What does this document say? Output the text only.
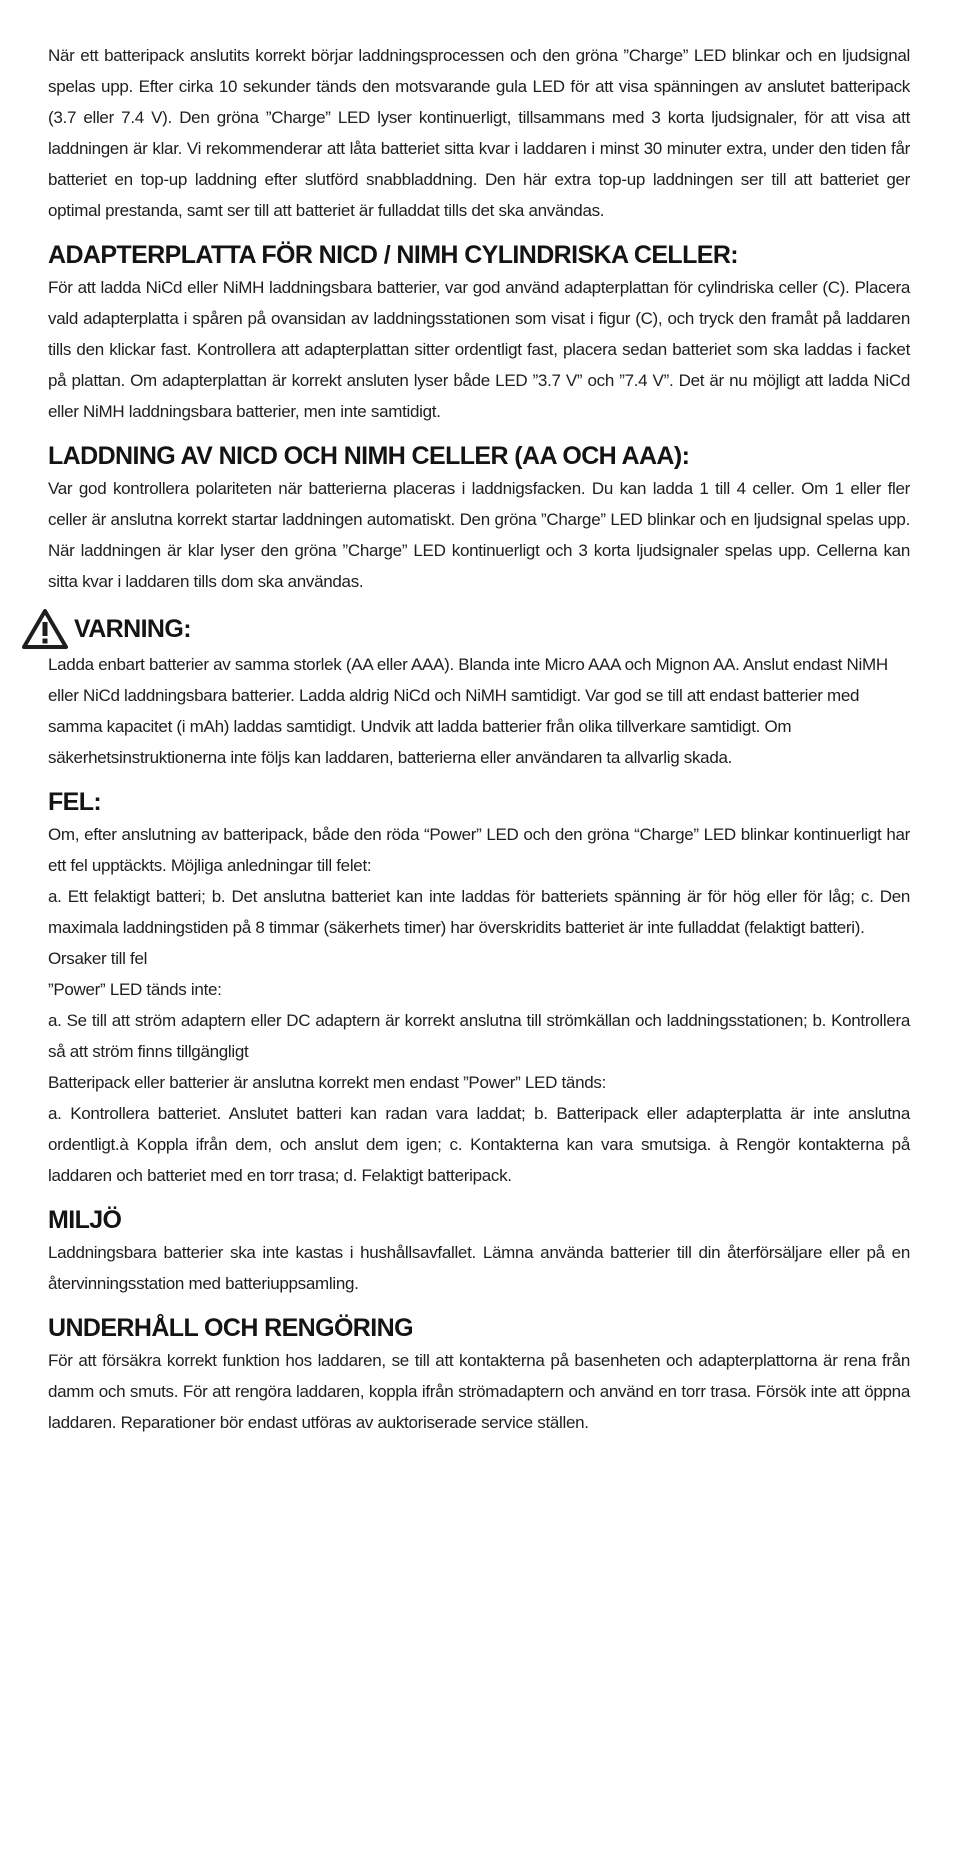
När ett batteripack anslutits korrekt börjar laddningsprocessen och den gröna ”Charge” LED blinkar och en ljudsignal spelas upp. Efter cirka 10 sekunder tänds den motsvarande gula LED för att visa spänningen av anslutet batteripack (3.7 eller 7.4 V). Den gröna ”Charge” LED lyser kontinuerligt, tillsammans med 3 korta ljudsignaler, för att visa att laddningen är klar. Vi rekommenderar att låta batteriet sitta kvar i laddaren i minst 30 minuter extra, under den tiden får batteriet en top-up laddning efter slutförd snabbladdning. Den här extra top-up laddningen ser till att batteriet ger optimal prestanda, samt ser till att batteriet är fulladdat tills det ska användas.

ADAPTERPLATTA FÖR NICD / NIMH CYLINDRISKA CELLER:

För att ladda NiCd eller NiMH laddningsbara batterier, var god använd adapterplattan för cylindriska celler (C). Placera vald adapterplatta i spåren på ovansidan av laddningsstationen som visat i figur (C), och tryck den framåt på laddaren tills den klickar fast. Kontrollera att adapterplattan sitter ordentligt fast, placera sedan batteriet som ska laddas i facket på plattan. Om adapterplattan är korrekt ansluten lyser både LED ”3.7 V” och ”7.4 V”. Det är nu möjligt att ladda NiCd eller NiMH laddningsbara batterier, men inte samtidigt.

LADDNING AV NICD OCH NIMH CELLER (AA OCH AAA):

Var god kontrollera polariteten när batterierna placeras i laddnigsfacken. Du kan ladda 1 till 4 celler. Om 1 eller fler celler är anslutna korrekt startar laddningen automatiskt. Den gröna ”Charge” LED blinkar och en ljudsignal spelas upp. När laddningen är klar lyser den gröna ”Charge” LED kontinuerligt och 3 korta ljudsignaler spelas upp. Cellerna kan sitta kvar i laddaren tills dom ska användas.

VARNING:

Ladda enbart batterier av samma storlek (AA eller AAA). Blanda inte Micro AAA och Mignon AA. Anslut endast NiMH eller NiCd laddningsbara batterier. Ladda aldrig NiCd och NiMH samtidigt. Var god se till att endast batterier med samma kapacitet (i mAh) laddas samtidigt. Undvik att ladda batterier från olika tillverkare samtidigt. Om säkerhetsinstruktionerna inte följs kan laddaren, batterierna eller användaren ta allvarlig skada.

FEL:

Om, efter anslutning av batteripack, både den röda “Power” LED och den gröna “Charge” LED blinkar kontinuerligt har ett fel upptäckts. Möjliga anledningar till felet:

a. Ett felaktigt batteri; b. Det anslutna batteriet kan inte laddas för batteriets spänning är för hög eller för låg; c. Den maximala laddningstiden på 8 timmar (säkerhets timer) har överskridits batteriet är inte fulladdat (felaktigt batteri).

Orsaker till fel

”Power” LED tänds inte:

a. Se till att ström adaptern eller DC adaptern är korrekt anslutna till strömkällan och laddningsstationen; b. Kontrollera så att ström finns tillgängligt

Batteripack eller batterier är anslutna korrekt men endast ”Power” LED tänds:

a. Kontrollera batteriet. Anslutet batteri kan radan vara laddat; b. Batteripack eller adapterplatta är inte anslutna ordentligt.à Koppla ifrån dem, och anslut dem igen; c. Kontakterna kan vara smutsiga. à Rengör kontakterna på laddaren och batteriet med en torr trasa; d. Felaktigt batteripack.

MILJÖ

Laddningsbara batterier ska inte kastas i hushållsavfallet. Lämna använda batterier till din återförsäljare eller på en återvinningsstation med batteriuppsamling.

UNDERHÅLL OCH RENGÖRING

För att försäkra korrekt funktion hos laddaren, se till att kontakterna på basenheten och adapterplattorna är rena från damm och smuts. För att rengöra laddaren, koppla ifrån strömadaptern och använd en torr trasa. Försök inte att öppna laddaren. Reparationer bör endast utföras av auktoriserade service ställen.
